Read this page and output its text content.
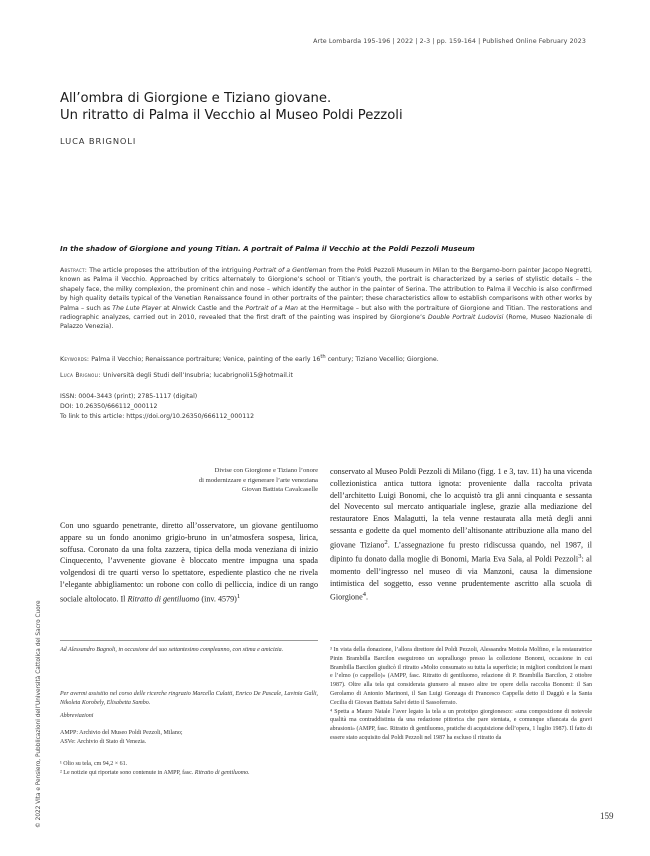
Arte Lombarda 195-196 | 2022 | 2-3 | pp. 159-164 | Published Online February 2023
All’ombra di Giorgione e Tiziano giovane.
Un ritratto di Palma il Vecchio al Museo Poldi Pezzoli
LUCA BRIGNOLI
In the shadow of Giorgione and young Titian. A portrait of Palma il Vecchio at the Poldi Pezzoli Museum
Abstract: The article proposes the attribution of the intriguing Portrait of a Gentleman from the Poldi Pezzoli Museum in Milan to the Bergamo-born painter Jacopo Negretti, known as Palma il Vecchio. Approached by critics alternately to Giorgione’s school or Titian’s youth, the portrait is characterized by a series of stylistic details – the shapely face, the milky complexion, the prominent chin and nose – which identify the author in the painter of Serina. The attribution to Palma il Vecchio is also confirmed by high quality details typical of the Venetian Renaissance found in other portraits of the painter; these characteristics allow to establish comparisons with other works by Palma – such as The Lute Player at Alnwick Castle and the Portrait of a Man at the Hermitage – but also with the portraiture of Giorgione and Titian. The restorations and radiographic analyzes, carried out in 2010, revealed that the first draft of the painting was inspired by Giorgione’s Double Portrait Ludovisi (Rome, Museo Nazionale di Palazzo Venezia).
Keywords: Palma il Vecchio; Renaissance portraiture; Venice, painting of the early 16th century; Tiziano Vecellio; Giorgione.
Luca Brignoli: Università degli Studi dell’Insubria; lucabrignoli15@hotmail.it
ISSN: 0004-3443 (print); 2785-1117 (digital)
DOI: 10.26350/666112_000112
To link to this article: https://doi.org/10.26350/666112_000112
Divise con Giorgione e Tiziano l’onore
di modernizzare e rigenerare l’arte veneziana
Giovan Battista Cavalcaselle
Con uno sguardo penetrante, diretto all’osservatore, un giovane gentiluomo appare su un fondo anonimo grigio-bruno in un’atmosfera sospesa, lirica, soffusa. Coronato da una folta zazzera, tipica della moda veneziana di inizio Cinquecento, l’avvenente giovane è bloccato mentre impugna una spada volgendosi di tre quarti verso lo spettatore, espediente plastico che ne rivela l’elegante abbigliamento: un robone con collo di pelliccia, indice di un rango sociale altolocato. Il Ritratto di gentiluomo (inv. 4579)$^1$
conservato al Museo Poldi Pezzoli di Milano (figg. 1 e 3, tav. 11) ha una vicenda collezionistica antica tuttora ignota: proveniente dalla raccolta privata dell’architetto Luigi Bonomi, che lo acquistò tra gli anni cinquanta e sessanta del Novecento sul mercato antiquariale inglese, grazie alla mediazione del restauratore Enos Malagutti, la tela venne restaurata alla metà degli anni sessanta e godette da quel momento dell’altisonante attribuzione alla mano del giovane Tiziano$^2$. L’assegnazione fu presto ridiscussa quando, nel 1987, il dipinto fu donato dalla moglie di Bonomi, Maria Eva Sala, al Poldi Pezzoli$^3$: al momento dell’ingresso nel museo di via Manzoni, causa la dimensione intimistica del soggetto, esso venne prudentemente ascritto alla scuola di Giorgione$^4$.
Ad Alessandro Bagnoli, in occasione del suo settantesimo compleanno, con stima e amicizia.
Per avermi assistito nel corso delle ricerche ringrazio Marcella Culatti, Enrico De Pascale, Lavinia Galli, Nikoleta Korobely, Elisabetta Sambo.

Abbreviazioni

AMPP: Archivio del Museo Poldi Pezzoli, Milano;

ASVe: Archivio di Stato di Venezia.

¹ Olio su tela, cm 94,2 × 61.

² Le notizie qui riportate sono contenute in AMPP, fasc. Ritratto di gentiluomo.

³ In vista della donazione, l’allora direttore del Poldi Pezzoli, Alessandra Mottola Molfino, e la restauratrice Pinin Brambilla Barcilon eseguirono un sopralluogo presso la collezione Bonomi, occasione in cui Brambilla Barcilon giudicò il ritratto «Molto consumato su tutta la superficie; in migliori condizioni le mani e l’elmo (o cappello)» (AMPP, fasc. Ritratto di gentiluomo, relazione di P. Brambilla Barcilon, 2 ottobre 1987). Oltre alla tela qui considerata giunsero al museo altre tre opere della raccolta Bonomi: il San Gerolamo di Antonio Marinoni, il San Luigi Gonzaga di Francesco Cappella detto il Daggiù e la Santa Cecilia di Giovan Battista Salvi detto il Sassoferrato.

⁴ Spetta a Mauro Natale l’aver legato la tela a un prototipo giorgionesco: «una composizione di notevole qualità ma contraddistinta da una redazione pittorica che pare stentata, e comunque sfiancata da gravi abrasioni» (AMPP, fasc. Ritratto di gentiluomo, pratiche di acquisizione dell’opera, 1 luglio 1987). Il fatto di essere stato acquisito dal Poldi Pezzoli nel 1987 ha escluso il ritratto da

159
© 2022 Vita e Pensiero, Pubblicazioni dell’Università Cattolica del Sacro Cuore
